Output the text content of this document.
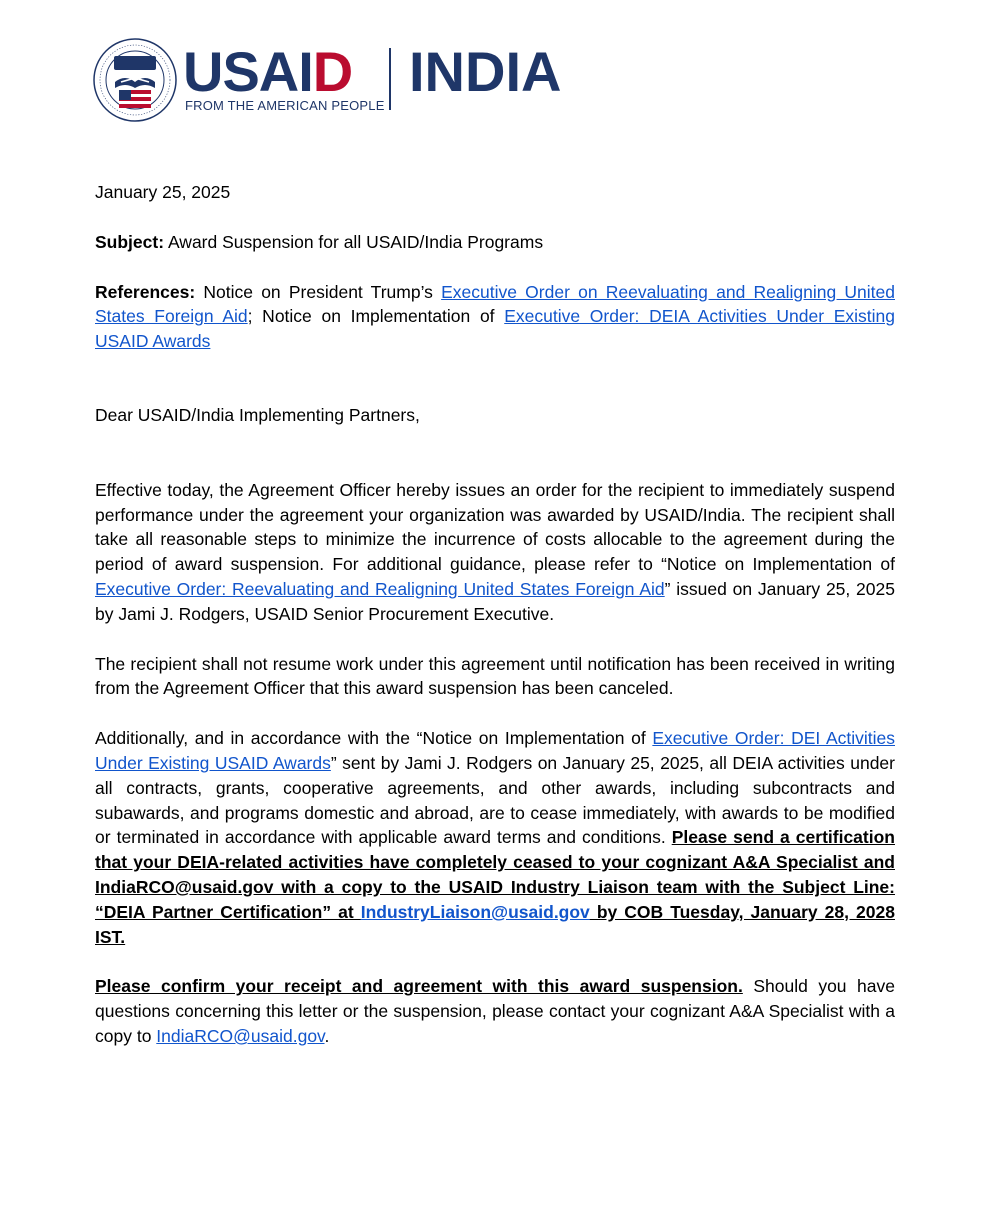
USAID
FROM THE AMERICAN PEOPLE
INDIA

January 25, 2025

Subject: Award Suspension for all USAID/India Programs

References: Notice on President Trump’s Executive Order on Reevaluating and Realigning United States Foreign Aid; Notice on Implementation of Executive Order: DEIA Activities Under Existing USAID Awards

Dear USAID/India Implementing Partners,

Effective today, the Agreement Officer hereby issues an order for the recipient to immediately suspend performance under the agreement your organization was awarded by USAID/India. The recipient shall take all reasonable steps to minimize the incurrence of costs allocable to the agreement during the period of award suspension. For additional guidance, please refer to “Notice on Implementation of Executive Order: Reevaluating and Realigning United States Foreign Aid” issued on January 25, 2025 by Jami J. Rodgers, USAID Senior Procurement Executive.

The recipient shall not resume work under this agreement until notification has been received in writing from the Agreement Officer that this award suspension has been canceled.

Additionally, and in accordance with the “Notice on Implementation of Executive Order: DEI Activities Under Existing USAID Awards” sent by Jami J. Rodgers on January 25, 2025, all DEIA activities under all contracts, grants, cooperative agreements, and other awards, including subcontracts and subawards, and programs domestic and abroad, are to cease immediately, with awards to be modified or terminated in accordance with applicable award terms and conditions. Please send a certification that your DEIA-related activities have completely ceased to your cognizant A&A Specialist and IndiaRCO@usaid.gov with a copy to the USAID Industry Liaison team with the Subject Line: “DEIA Partner Certification” at IndustryLiaison@usaid.gov by COB Tuesday, January 28, 2028 IST.

Please confirm your receipt and agreement with this award suspension. Should you have questions concerning this letter or the suspension, please contact your cognizant A&A Specialist with a copy to IndiaRCO@usaid.gov.
